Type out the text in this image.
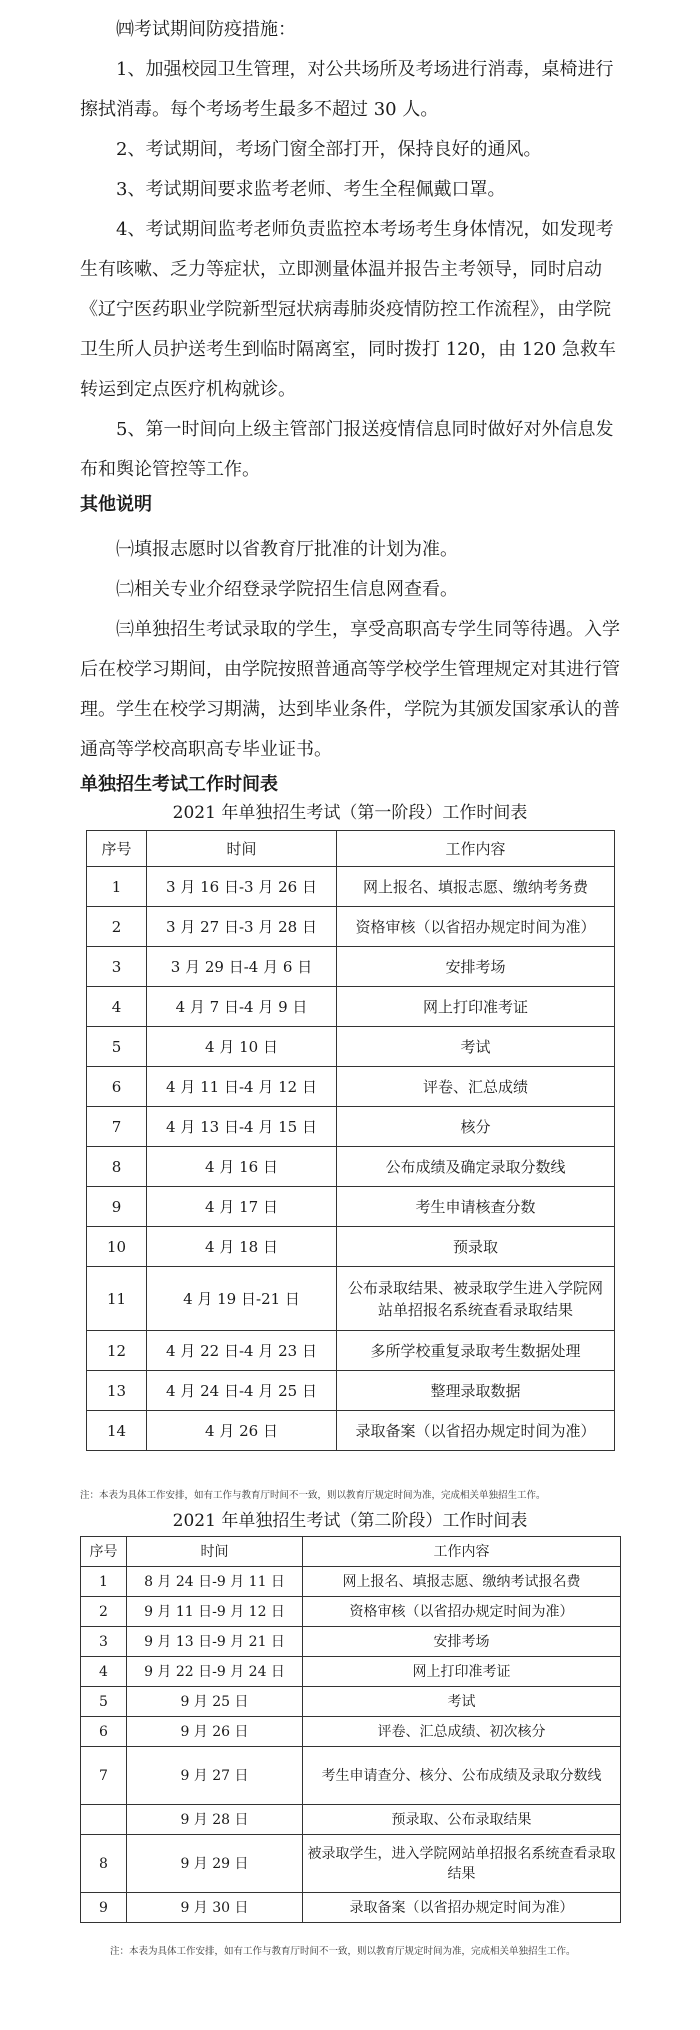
㈣考试期间防疫措施：

1、加强校园卫生管理，对公共场所及考场进行消毒，桌椅进行擦拭消毒。每个考场考生最多不超过 30 人。

2、考试期间，考场门窗全部打开，保持良好的通风。

3、考试期间要求监考老师、考生全程佩戴口罩。

4、考试期间监考老师负责监控本考场考生身体情况，如发现考生有咳嗽、乏力等症状，立即测量体温并报告主考领导，同时启动《辽宁医药职业学院新型冠状病毒肺炎疫情防控工作流程》，由学院卫生所人员护送考生到临时隔离室，同时拨打 120，由 120 急救车转运到定点医疗机构就诊。

5、第一时间向上级主管部门报送疫情信息同时做好对外信息发布和舆论管控等工作。

其他说明

㈠填报志愿时以省教育厅批准的计划为准。

㈡相关专业介绍登录学院招生信息网查看。

㈢单独招生考试录取的学生，享受高职高专学生同等待遇。入学后在校学习期间，由学院按照普通高等学校学生管理规定对其进行管理。学生在校学习期满，达到毕业条件，学院为其颁发国家承认的普通高等学校高职高专毕业证书。

单独招生考试工作时间表

2021 年单独招生考试（第一阶段）工作时间表

序号	时间	工作内容
1	3 月 16 日-3 月 26 日	网上报名、填报志愿、缴纳考务费
2	3 月 27 日-3 月 28 日	资格审核（以省招办规定时间为准）
3	3 月 29 日-4 月 6 日	安排考场
4	4 月 7 日-4 月 9 日	网上打印准考证
5	4 月 10 日	考试
6	4 月 11 日-4 月 12 日	评卷、汇总成绩
7	4 月 13 日-4 月 15 日	核分
8	4 月 16 日	公布成绩及确定录取分数线
9	4 月 17 日	考生申请核查分数
10	4 月 18 日	预录取
11	4 月 19 日-21 日	公布录取结果、被录取学生进入学院网站单招报名系统查看录取结果
12	4 月 22 日-4 月 23 日	多所学校重复录取考生数据处理
13	4 月 24 日-4 月 25 日	整理录取数据
14	4 月 26 日	录取备案（以省招办规定时间为准）

注：本表为具体工作安排，如有工作与教育厅时间不一致，则以教育厅规定时间为准，完成相关单独招生工作。

2021 年单独招生考试（第二阶段）工作时间表

序号	时间	工作内容
1	8 月 24 日-9 月 11 日	网上报名、填报志愿、缴纳考试报名费
2	9 月 11 日-9 月 12 日	资格审核（以省招办规定时间为准）
3	9 月 13 日-9 月 21 日	安排考场
4	9 月 22 日-9 月 24 日	网上打印准考证
5	9 月 25 日	考试
6	9 月 26 日	评卷、汇总成绩、初次核分
7	9 月 27 日	考生申请查分、核分、公布成绩及录取分数线
	9 月 28 日	预录取、公布录取结果
8	9 月 29 日	被录取学生，进入学院网站单招报名系统查看录取结果
9	9 月 30 日	录取备案（以省招办规定时间为准）

注：本表为具体工作安排，如有工作与教育厅时间不一致，则以教育厅规定时间为准，完成相关单独招生工作。
